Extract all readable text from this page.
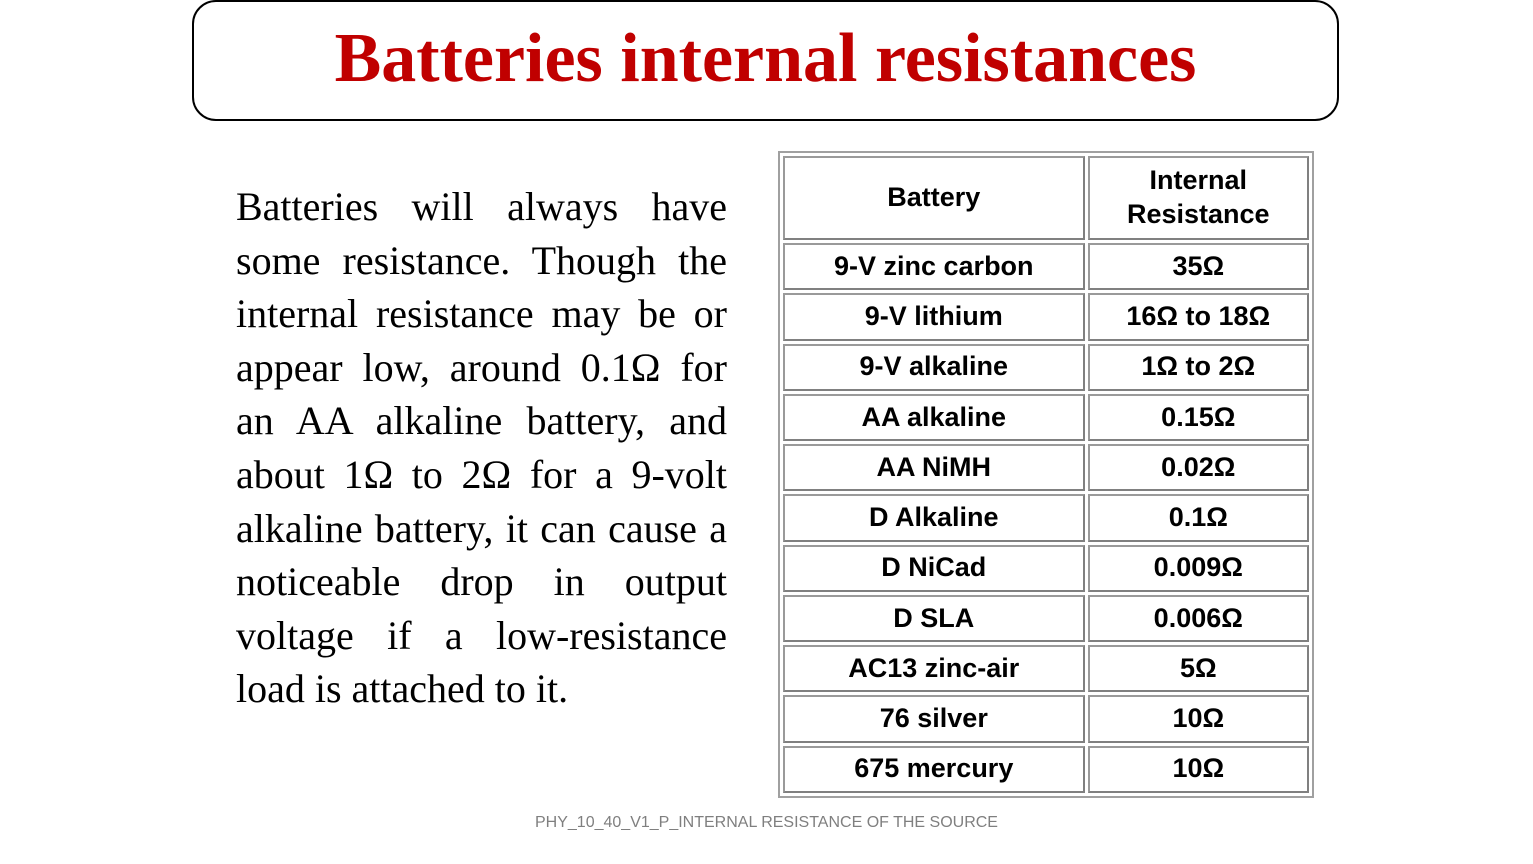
Batteries internal resistances

Batteries will always have some resistance. Though the internal resistance may be or appear low, around 0.1Ω for an AA alkaline battery, and about 1Ω to 2Ω for a 9-volt alkaline battery, it can cause a noticeable drop in output voltage if a low-resistance load is attached to it.

Battery	Internal Resistance
9-V zinc carbon	35Ω
9-V lithium	16Ω to 18Ω
9-V alkaline	1Ω to 2Ω
AA alkaline	0.15Ω
AA NiMH	0.02Ω
D Alkaline	0.1Ω
D NiCad	0.009Ω
D SLA	0.006Ω
AC13 zinc-air	5Ω
76 silver	10Ω
675 mercury	10Ω

PHY_10_40_V1_P_INTERNAL RESISTANCE OF THE SOURCE
